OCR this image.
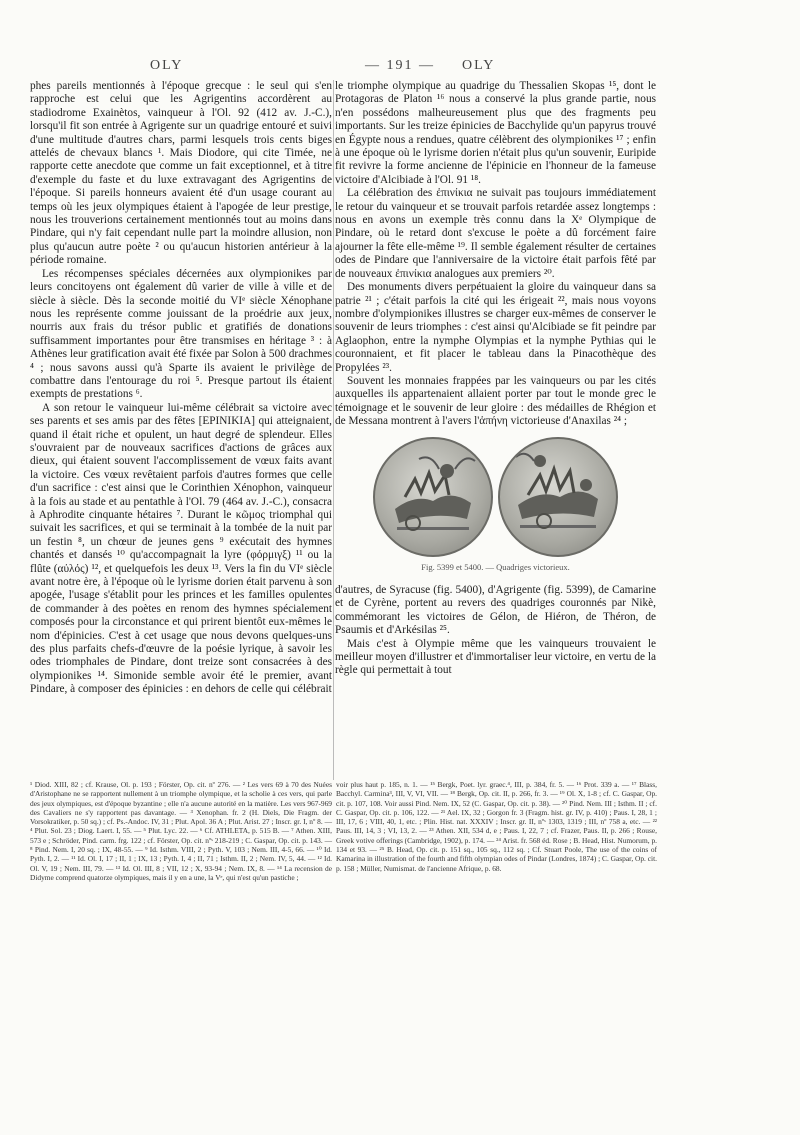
OLY	— 191 —	OLY

phes pareils mentionnés à l'époque grecque : le seul qui s'en rapproche est celui que les Agrigentins accordèrent au stadiodrome Exainètos, vainqueur à l'Ol. 92 (412 av. J.-C.), lorsqu'il fit son entrée à Agrigente sur un quadrige entouré et suivi d'une multitude d'autres chars, parmi lesquels trois cents biges attelés de chevaux blancs ¹. Mais Diodore, qui cite Timée, ne rapporte cette anecdote que comme un fait exceptionnel, et à titre d'exemple du faste et du luxe extravagant des Agrigentins de l'époque. Si pareils honneurs avaient été d'un usage courant au temps où les jeux olympiques étaient à l'apogée de leur prestige, nous les trouverions certainement mentionnés tout au moins dans Pindare, qui n'y fait cependant nulle part la moindre allusion, non plus qu'aucun autre poète ² ou qu'aucun historien antérieur à la période romaine.

Les récompenses spéciales décernées aux olympionikes par leurs concitoyens ont également dû varier de ville à ville et de siècle à siècle. Dès la seconde moitié du VIᵉ siècle Xénophane nous les représente comme jouissant de la proédrie aux jeux, nourris aux frais du trésor public et gratifiés de donations suffisamment importantes pour être transmises en héritage ³ : à Athènes leur gratification avait été fixée par Solon à 500 drachmes ⁴ ; nous savons aussi qu'à Sparte ils avaient le privilège de combattre dans l'entourage du roi ⁵. Presque partout ils étaient exempts de prestations ⁶.

A son retour le vainqueur lui-même célébrait sa victoire avec ses parents et ses amis par des fêtes [EPINIKIA] qui atteignaient, quand il était riche et opulent, un haut degré de splendeur. Elles s'ouvraient par de nouveaux sacrifices d'actions de grâces aux dieux, qui étaient souvent l'accomplissement de vœux faits avant la victoire. Ces vœux revêtaient parfois d'autres formes que celle d'un sacrifice : c'est ainsi que le Corinthien Xénophon, vainqueur à la fois au stade et au pentathle à l'Ol. 79 (464 av. J.-C.), consacra à Aphrodite cinquante hétaires ⁷. Durant le κῶμος triomphal qui suivait les sacrifices, et qui se terminait à la tombée de la nuit par un festin ⁸, un chœur de jeunes gens ⁹ exécutait des hymnes chantés et dansés ¹⁰ qu'accompagnait la lyre (φόρμιγξ) ¹¹ ou la flûte (αὐλός) ¹², et quelquefois les deux ¹³. Vers la fin du VIᵉ siècle avant notre ère, à l'époque où le lyrisme dorien était parvenu à son apogée, l'usage s'établit pour les princes et les familles opulentes de commander à des poètes en renom des hymnes spécialement composés pour la circonstance et qui prirent bientôt eux-mêmes le nom d'épinicies. C'est à cet usage que nous devons quelques-uns des plus parfaits chefs-d'œuvre de la poésie lyrique, à savoir les odes triomphales de Pindare, dont treize sont consacrées à des olympionikes ¹⁴. Simonide semble avoir été le premier, avant Pindare, à composer des épinicies : en dehors de celle qui célébrait

le triomphe olympique au quadrige du Thessalien Skopas ¹⁵, dont le Protagoras de Platon ¹⁶ nous a conservé la plus grande partie, nous n'en possédons malheureusement plus que des fragments peu importants. Sur les treize épinicies de Bacchylide qu'un papyrus trouvé en Égypte nous a rendues, quatre célèbrent des olympionikes ¹⁷ ; enfin à une époque où le lyrisme dorien n'était plus qu'un souvenir, Euripide fit revivre la forme ancienne de l'épinicie en l'honneur de la fameuse victoire d'Alcibiade à l'Ol. 91 ¹⁸.

La célébration des ἐπινίκια ne suivait pas toujours immédiatement le retour du vainqueur et se trouvait parfois retardée assez longtemps : nous en avons un exemple très connu dans la Xᵉ Olympique de Pindare, où le retard dont s'excuse le poète a dû forcément faire ajourner la fête elle-même ¹⁹. Il semble également résulter de certaines odes de Pindare que l'anniversaire de la victoire était parfois fêté par de nouveaux ἐπινίκια analogues aux premiers ²⁰.

Des monuments divers perpétuaient la gloire du vainqueur dans sa patrie ²¹ ; c'était parfois la cité qui les érigeait ²², mais nous voyons nombre d'olympionikes illustres se charger eux-mêmes de conserver le souvenir de leurs triomphes : c'est ainsi qu'Alcibiade se fit peindre par Aglaophon, entre la nymphe Olympias et la nymphe Pythias qui le couronnaient, et fit placer le tableau dans la Pinacothèque des Propylées ²³.

Souvent les monnaies frappées par les vainqueurs ou par les cités auxquelles ils appartenaient allaient porter par tout le monde grec le témoignage et le souvenir de leur gloire : des médailles de Rhégion et de Messana montrent à l'avers l'ἀπήνη victorieuse d'Anaxilas ²⁴ ;

Fig. 5399 et 5400. — Quadriges victorieux.

d'autres, de Syracuse (fig. 5400), d'Agrigente (fig. 5399), de Camarine et de Cyrène, portent au revers des quadriges couronnés par Nikè, commémorant les victoires de Gélon, de Hiéron, de Théron, de Psaumis et d'Arkésilas ²⁵.

Mais c'est à Olympie même que les vainqueurs trouvaient le meilleur moyen d'illustrer et d'immortaliser leur victoire, en vertu de la règle qui permettait à tout

¹ Diod. XIII, 82 ; cf. Krause, Ol. p. 193 ; Förster, Op. cit. nº 276. — ² Les vers 69 à 70 des Nuées d'Aristophane ne se rapportent nullement à un triomphe olympique, et la scholie à ces vers, qui parle des jeux olympiques, est d'époque byzantine ; elle n'a aucune autorité en la matière. Les vers 967-969 des Cavaliers ne s'y rapportent pas davantage. — ³ Xenophan. fr. 2 (H. Diels, Die Fragm. der Vorsokratiker, p. 50 sq.) ; cf. Ps.-Andoc. IV, 31 ; Plut. Apol. 36 A ; Plut. Arist. 27 ; Inscr. gr. I, nº 8. — ⁴ Plut. Sol. 23 ; Diog. Laert. I, 55. — ⁵ Plut. Lyc. 22. — ⁶ Cf. ATHLETA, p. 515 B. — ⁷ Athen. XIII, 573 e ; Schröder, Pind. carm. frg. 122 ; cf. Förster, Op. cit. nºˢ 218-219 ; C. Gaspar, Op. cit. p. 143. — ⁸ Pind. Nem. I, 20 sq. ; IX, 48-55. — ⁹ Id. Isthm. VIII, 2 ; Pyth. V, 103 ; Nem. III, 4-5, 66. — ¹⁰ Id. Pyth. I, 2. — ¹¹ Id. Ol. I, 17 ; II, 1 ; IX, 13 ; Pyth. I, 4 ; II, 71 ; Isthm. II, 2 ; Nem. IV, 5, 44. — ¹² Id. Ol. V, 19 ; Nem. III, 79. — ¹³ Id. Ol. III, 8 ; VII, 12 ; X, 93-94 ; Nem. IX, 8. — ¹⁴ La recension de Didyme comprend quatorze olympiques, mais il y en a une, la Vᵉ, qui n'est qu'un pastiche ;

voir plus haut p. 185, n. 1. — ¹⁵ Bergk, Poet. lyr. graec.⁴, III, p. 384, fr. 5. — ¹⁶ Prot. 339 a. — ¹⁷ Blass, Bacchyl. Carmina³, III, V, VI, VII. — ¹⁸ Bergk, Op. cit. II, p. 266, fr. 3. — ¹⁹ Ol. X, 1-8 ; cf. C. Gaspar, Op. cit. p. 107, 108. Voir aussi Pind. Nem. IX, 52 (C. Gaspar, Op. cit. p. 38). — ²⁰ Pind. Nem. III ; Isthm. II ; cf. C. Gaspar, Op. cit. p. 106, 122. — ²¹ Ael. IX, 32 ; Gorgon fr. 3 (Fragm. hist. gr. IV, p. 410) ; Paus. I, 28, 1 ; III, 17, 6 ; VIII, 40, 1, etc. ; Plin. Hist. nat. XXXIV ; Inscr. gr. II, nºˢ 1303, 1319 ; III, nº 758 a, etc. — ²² Paus. III, 14, 3 ; VI, 13, 2. — ²³ Athen. XII, 534 d, e ; Paus. I, 22, 7 ; cf. Frazer, Paus. II, p. 266 ; Rouse, Greek votive offerings (Cambridge, 1902), p. 174. — ²⁴ Arist. fr. 568 éd. Rose ; B. Head, Hist. Numorum, p. 134 et 93. — ²⁵ B. Head, Op. cit. p. 151 sq., 105 sq., 112 sq. ; Cf. Stuart Poole, The use of the coins of Kamarina in illustration of the fourth and fifth olympian odes of Pindar (Londres, 1874) ; C. Gaspar, Op. cit. p. 158 ; Müller, Numismat. de l'ancienne Afrique, p. 68.
